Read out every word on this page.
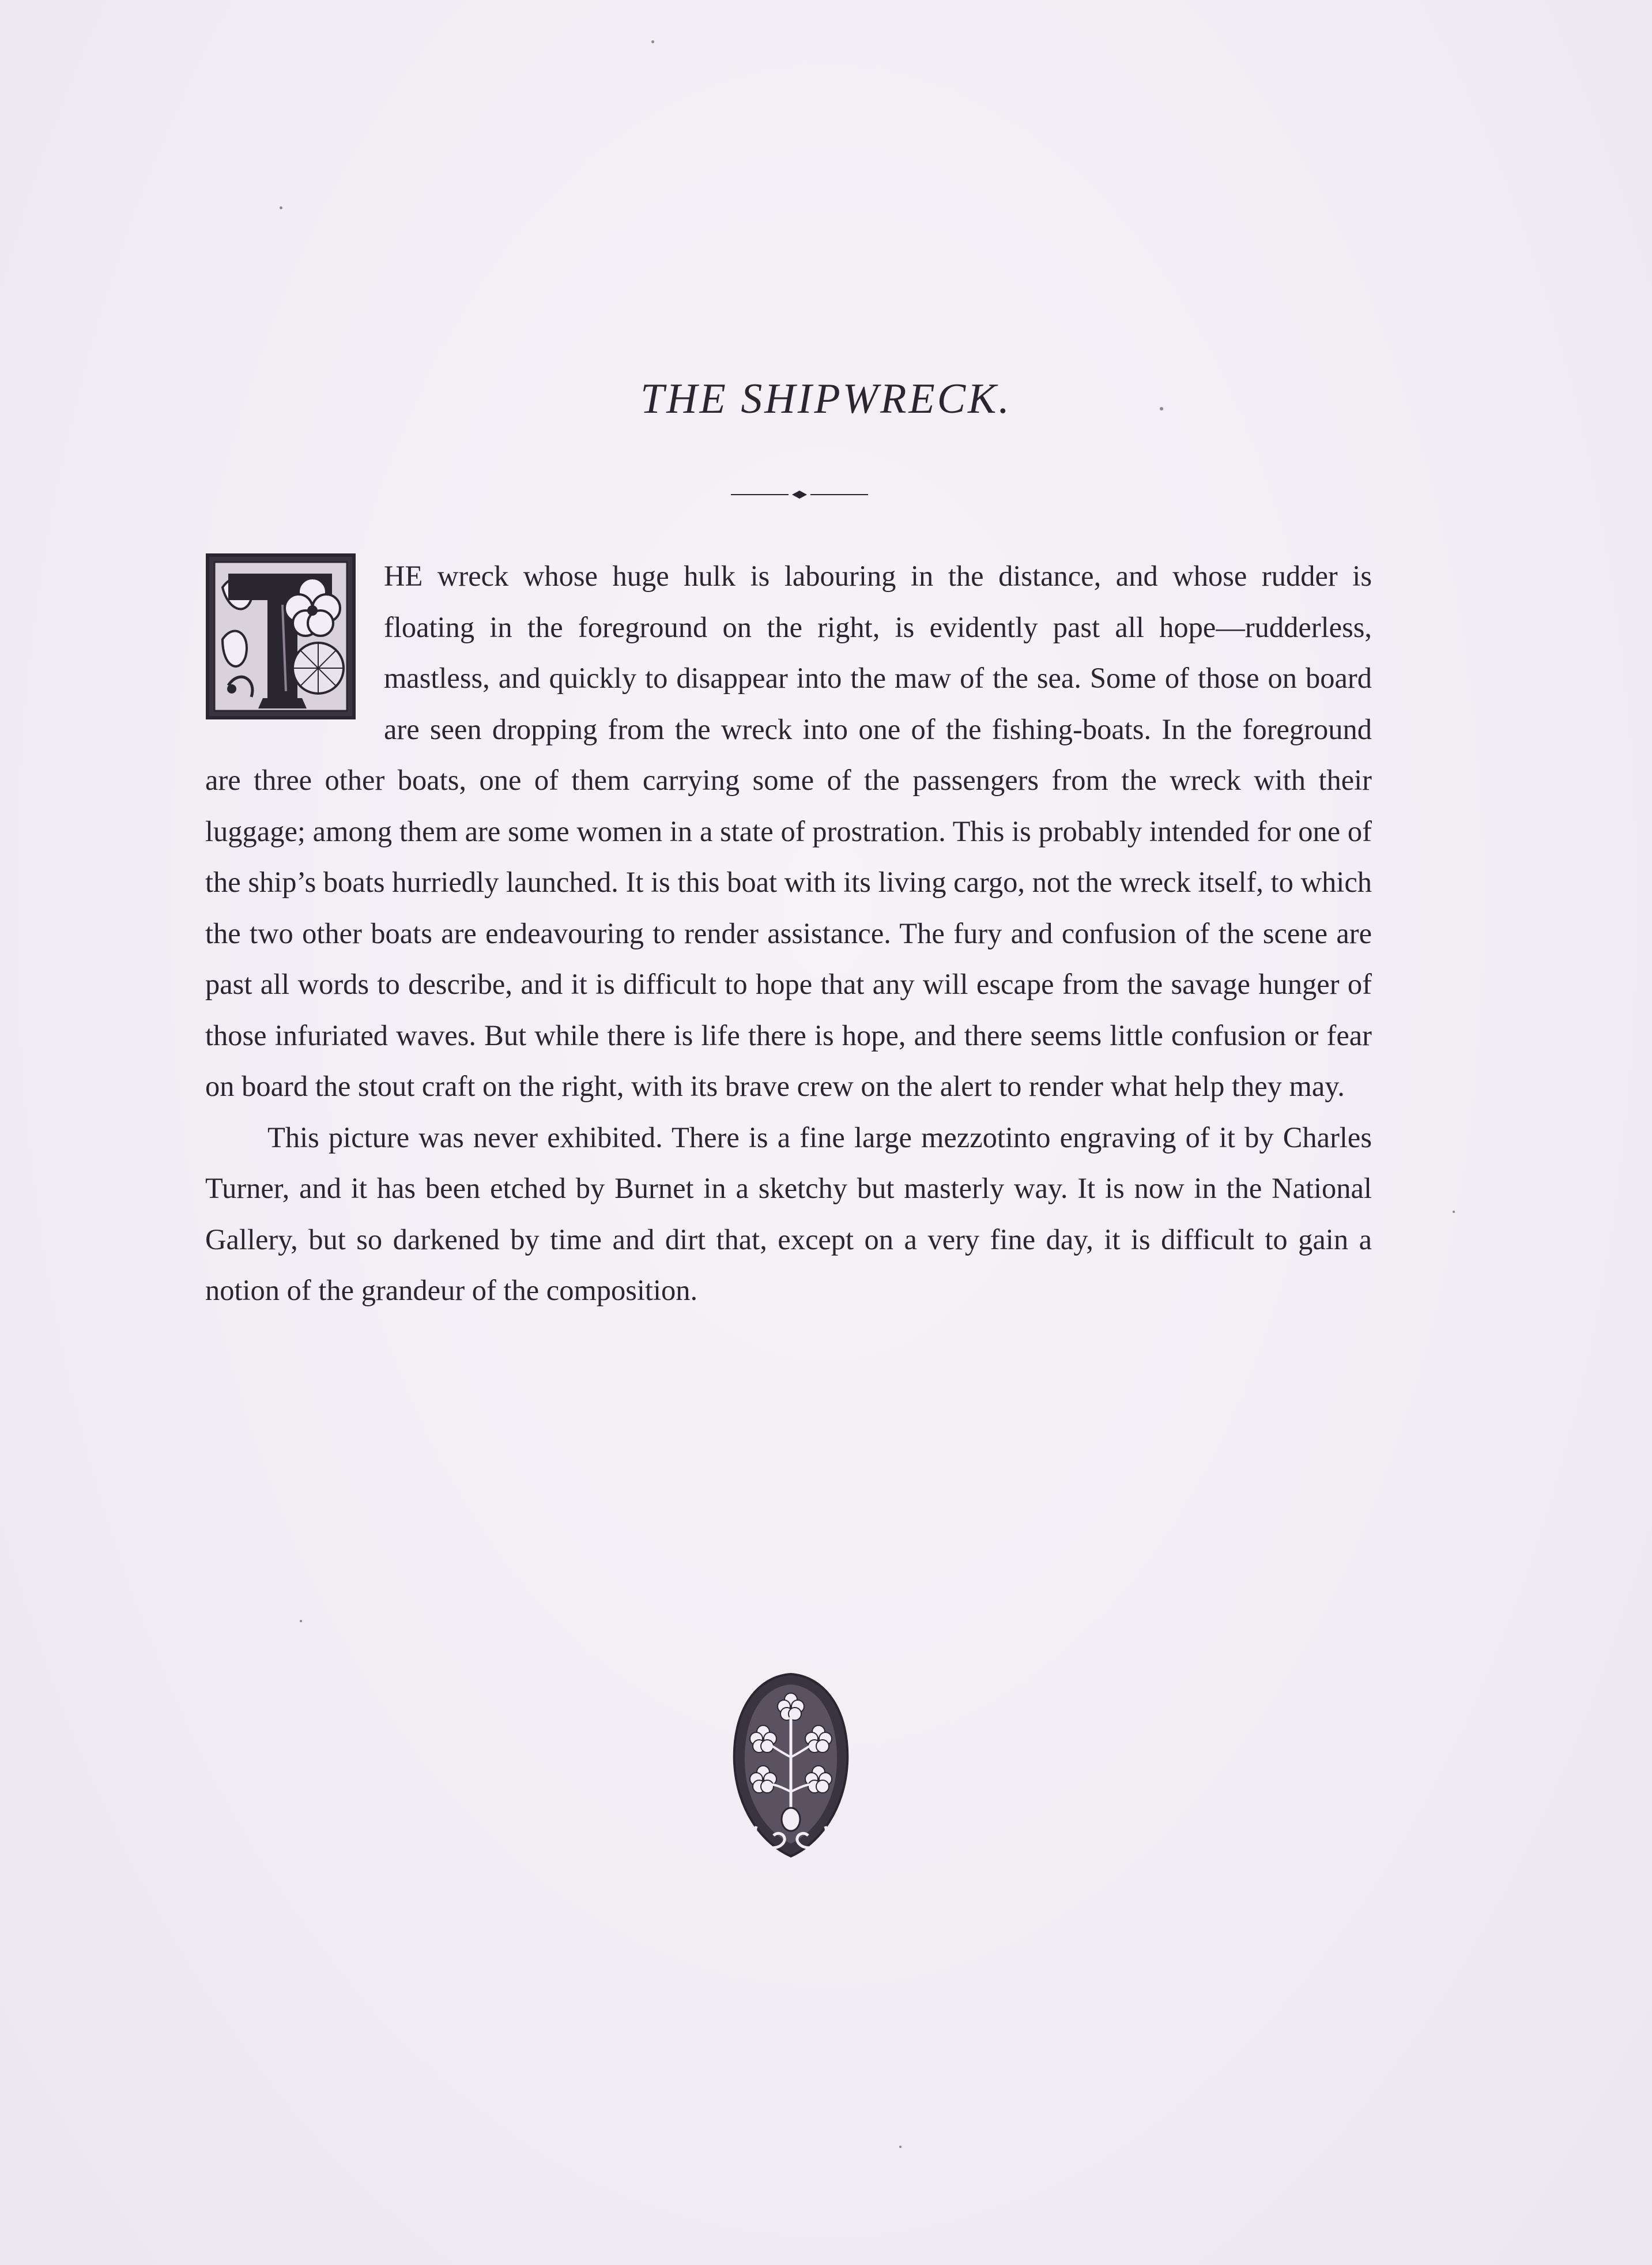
THE SHIPWRECK.

HE wreck whose huge hulk is labouring in the distance, and whose rudder is floating in the foreground on the right, is evidently past all hope—rudderless, mastless, and quickly to disappear into the maw of the sea. Some of those on board are seen dropping from the wreck into one of the fishing-boats. In the foreground are three other boats, one of them carrying some of the passengers from the wreck with their luggage; among them are some women in a state of prostration. This is probably intended for one of the ship’s boats hurriedly launched. It is this boat with its living cargo, not the wreck itself, to which the two other boats are endeavouring to render assistance. The fury and confusion of the scene are past all words to describe, and it is difficult to hope that any will escape from the savage hunger of those infuriated waves. But while there is life there is hope, and there seems little confusion or fear on board the stout craft on the right, with its brave crew on the alert to render what help they may.

This picture was never exhibited. There is a fine large mezzotinto engraving of it by Charles Turner, and it has been etched by Burnet in a sketchy but masterly way. It is now in the National Gallery, but so darkened by time and dirt that, except on a very fine day, it is difficult to gain a notion of the grandeur of the composition.
